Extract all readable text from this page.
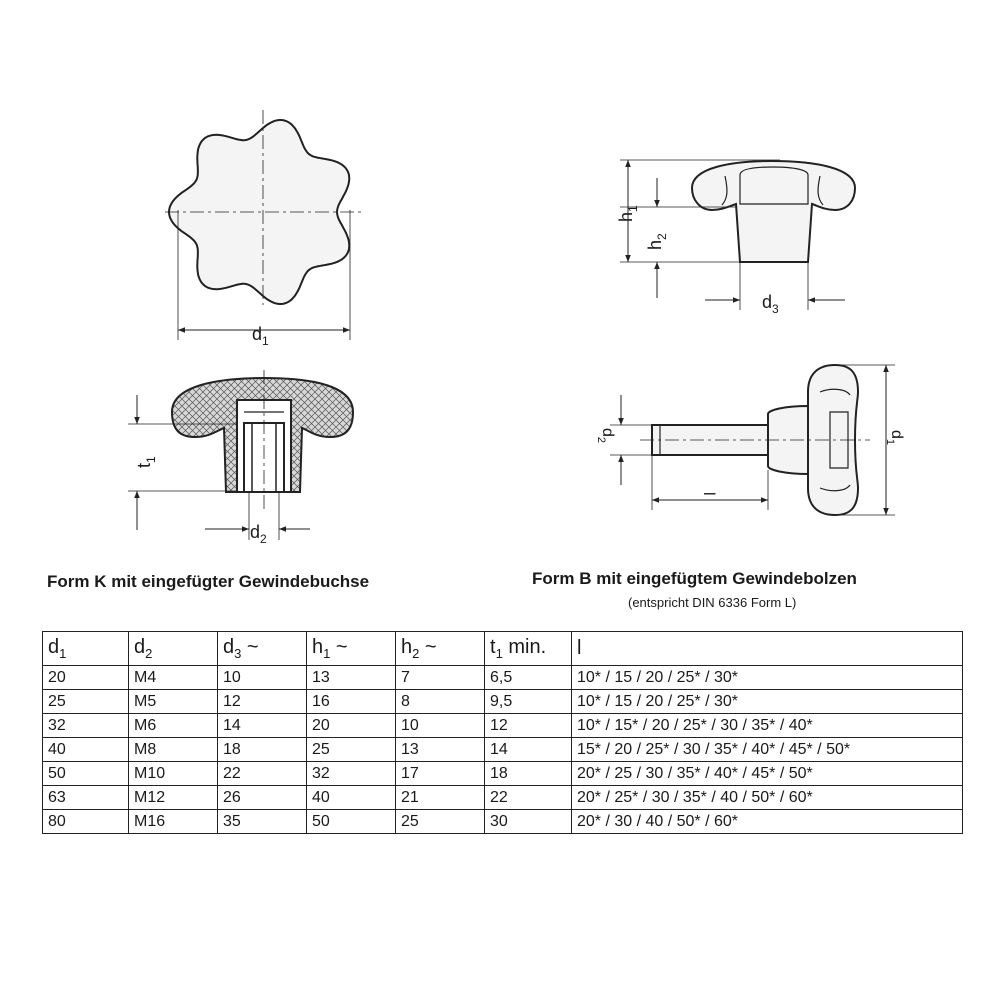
$d_1$
$h_1$
$h_2$
$d_3$
$t_1$
$d_2$
$d_2$
l
$d_1$
Form K mit eingefügter Gewindebuchse	Form B mit eingefügtem Gewindebolzen
(entspricht DIN 6336 Form L)
$d_1$	$d_2$	$d_3$ ~	$h_1$ ~	$h_2$ ~	$t_1$ min.	l
20	M4	10	13	7	6,5	10* / 15 / 20 / 25* / 30*
25	M5	12	16	8	9,5	10* / 15 / 20 / 25* / 30*
32	M6	14	20	10	12	10* / 15* / 20 / 25* / 30 / 35* / 40*
40	M8	18	25	13	14	15* / 20 / 25* / 30 / 35* / 40* / 45* / 50*
50	M10	22	32	17	18	20* / 25 / 30 / 35* / 40* / 45* / 50*
63	M12	26	40	21	22	20* / 25* / 30 / 35* / 40 / 50* / 60*
80	M16	35	50	25	30	20* / 30 / 40 / 50* / 60*
